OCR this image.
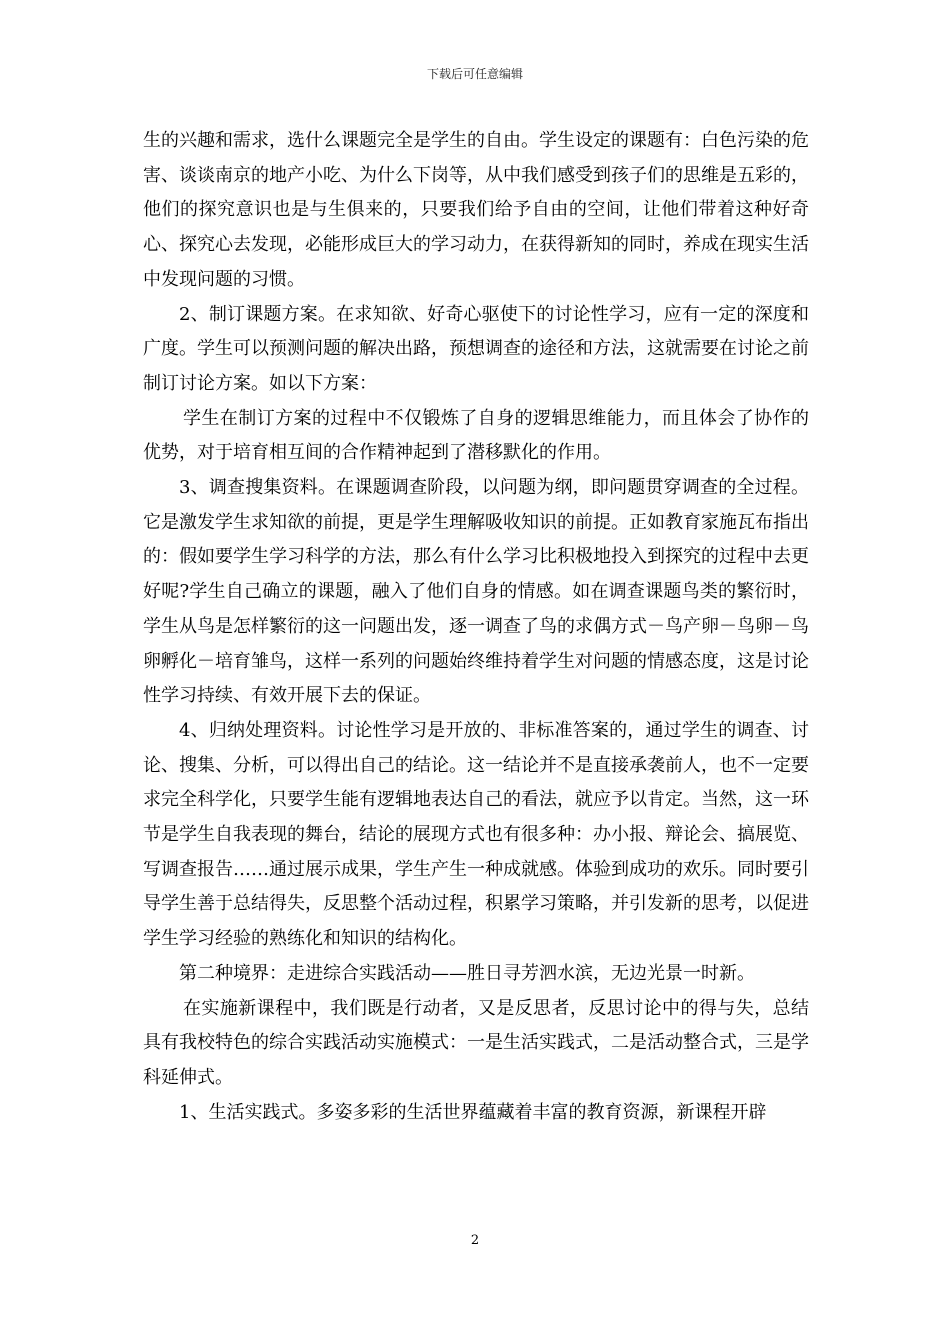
下载后可任意编辑

生的兴趣和需求，选什么课题完全是学生的自由。学生设定的课题有：白色污染的危害、谈谈南京的地产小吃、为什么下岗等，从中我们感受到孩子们的思维是五彩的，他们的探究意识也是与生俱来的，只要我们给予自由的空间，让他们带着这种好奇心、探究心去发现，必能形成巨大的学习动力，在获得新知的同时，养成在现实生活中发现问题的习惯。

2、制订课题方案。在求知欲、好奇心驱使下的讨论性学习，应有一定的深度和广度。学生可以预测问题的解决出路，预想调查的途径和方法，这就需要在讨论之前制订讨论方案。如以下方案：

学生在制订方案的过程中不仅锻炼了自身的逻辑思维能力，而且体会了协作的优势，对于培育相互间的合作精神起到了潜移默化的作用。

3、调查搜集资料。在课题调查阶段，以问题为纲，即问题贯穿调查的全过程。它是激发学生求知欲的前提，更是学生理解吸收知识的前提。正如教育家施瓦布指出的：假如要学生学习科学的方法，那么有什么学习比积极地投入到探究的过程中去更好呢?学生自己确立的课题，融入了他们自身的情感。如在调查课题鸟类的繁衍时，学生从鸟是怎样繁衍的这一问题出发，逐一调查了鸟的求偶方式－鸟产卵－鸟卵－鸟卵孵化－培育雏鸟，这样一系列的问题始终维持着学生对问题的情感态度，这是讨论性学习持续、有效开展下去的保证。

4、归纳处理资料。讨论性学习是开放的、非标准答案的，通过学生的调查、讨论、搜集、分析，可以得出自己的结论。这一结论并不是直接承袭前人，也不一定要求完全科学化，只要学生能有逻辑地表达自己的看法，就应予以肯定。当然，这一环节是学生自我表现的舞台，结论的展现方式也有很多种：办小报、辩论会、搞展览、写调查报告……通过展示成果，学生产生一种成就感。体验到成功的欢乐。同时要引导学生善于总结得失，反思整个活动过程，积累学习策略，并引发新的思考，以促进学生学习经验的熟练化和知识的结构化。

第二种境界：走进综合实践活动——胜日寻芳泗水滨，无边光景一时新。

在实施新课程中，我们既是行动者，又是反思者，反思讨论中的得与失，总结具有我校特色的综合实践活动实施模式：一是生活实践式，二是活动整合式，三是学科延伸式。

1、生活实践式。多姿多彩的生活世界蕴藏着丰富的教育资源，新课程开辟

2
